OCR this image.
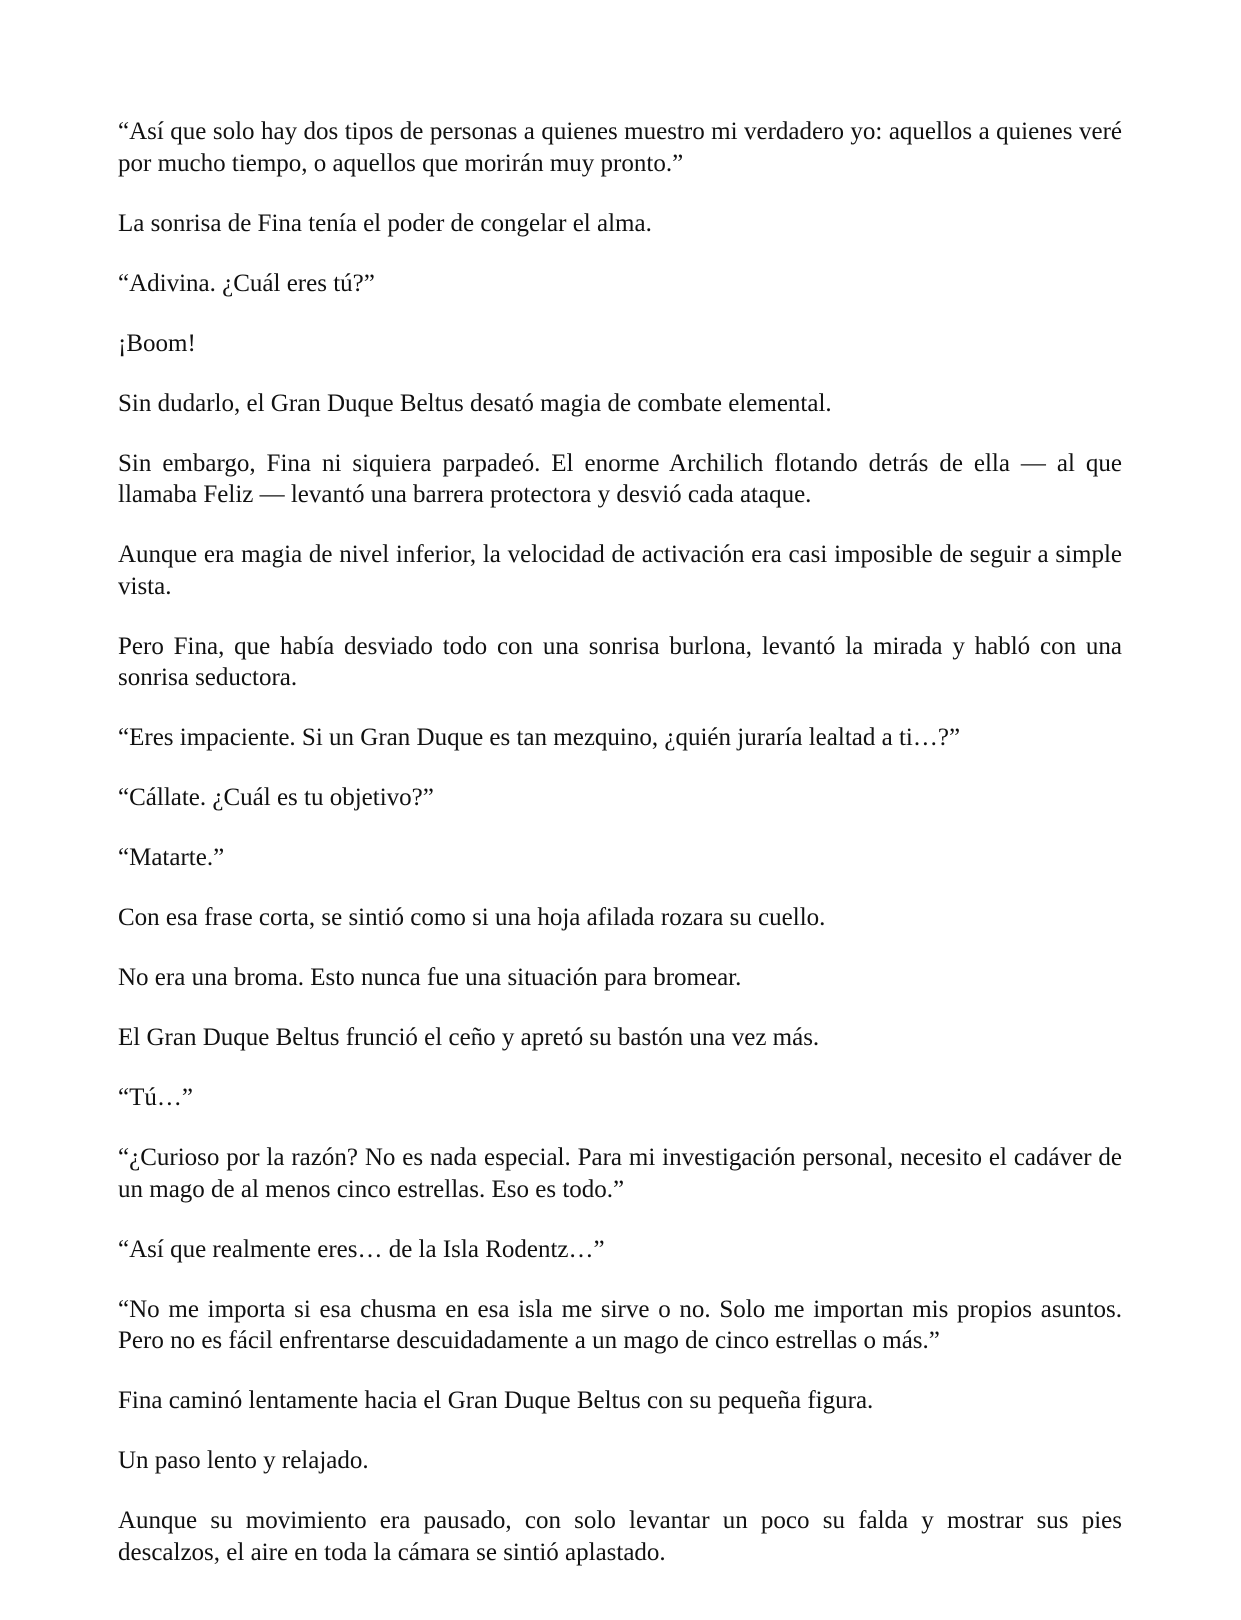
“Así que solo hay dos tipos de personas a quienes muestro mi verdadero yo: aquellos a quienes veré por mucho tiempo, o aquellos que morirán muy pronto.”

La sonrisa de Fina tenía el poder de congelar el alma.

“Adivina. ¿Cuál eres tú?”

¡Boom!

Sin dudarlo, el Gran Duque Beltus desató magia de combate elemental.

Sin embargo, Fina ni siquiera parpadeó. El enorme Archilich flotando detrás de ella — al que llamaba Feliz — levantó una barrera protectora y desvió cada ataque.

Aunque era magia de nivel inferior, la velocidad de activación era casi imposible de seguir a simple vista.

Pero Fina, que había desviado todo con una sonrisa burlona, levantó la mirada y habló con una sonrisa seductora.

“Eres impaciente. Si un Gran Duque es tan mezquino, ¿quién juraría lealtad a ti…?”

“Cállate. ¿Cuál es tu objetivo?”

“Matarte.”

Con esa frase corta, se sintió como si una hoja afilada rozara su cuello.

No era una broma. Esto nunca fue una situación para bromear.

El Gran Duque Beltus frunció el ceño y apretó su bastón una vez más.

“Tú…”

“¿Curioso por la razón? No es nada especial. Para mi investigación personal, necesito el cadáver de un mago de al menos cinco estrellas. Eso es todo.”

“Así que realmente eres… de la Isla Rodentz…”

“No me importa si esa chusma en esa isla me sirve o no. Solo me importan mis propios asuntos. Pero no es fácil enfrentarse descuidadamente a un mago de cinco estrellas o más.”

Fina caminó lentamente hacia el Gran Duque Beltus con su pequeña figura.

Un paso lento y relajado.

Aunque su movimiento era pausado, con solo levantar un poco su falda y mostrar sus pies descalzos, el aire en toda la cámara se sintió aplastado.
